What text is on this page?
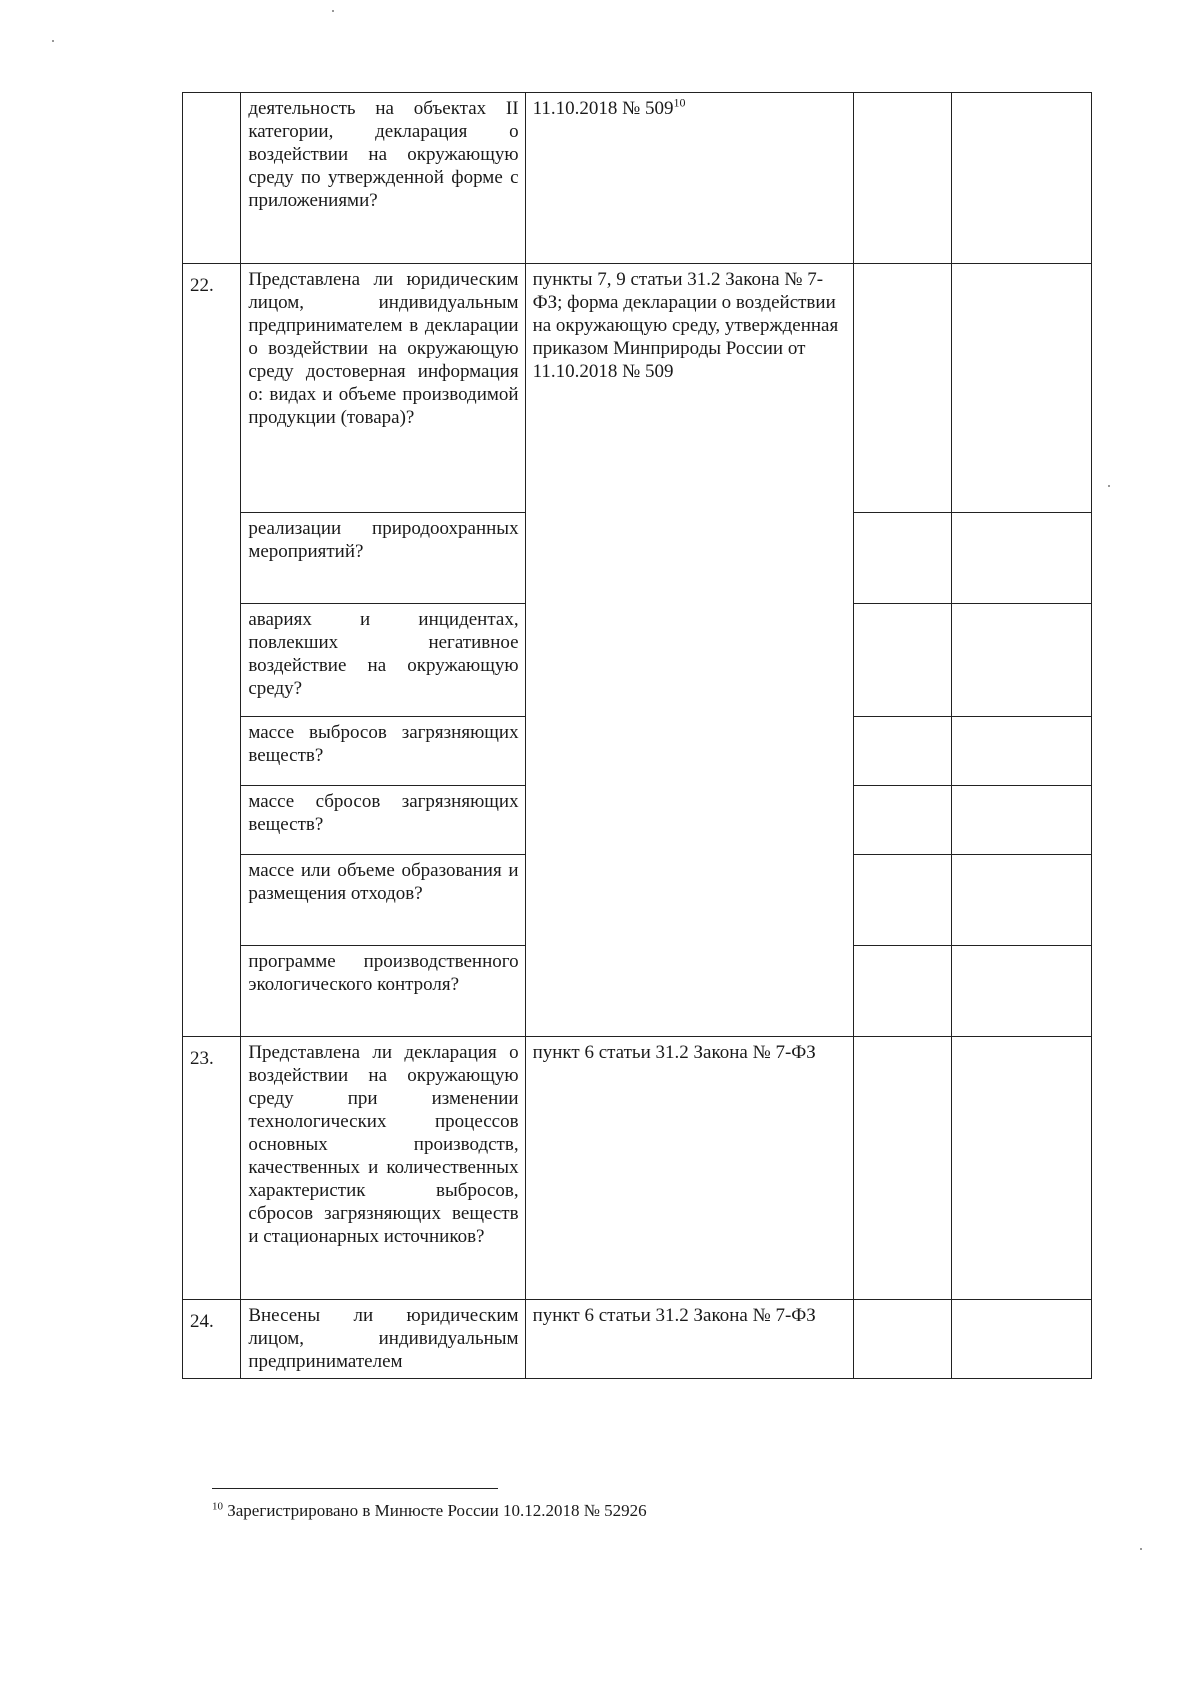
	деятельность на объектах II категории, декларация о воздействии на окружающую среду по утвержденной форме с приложениями?	11.10.2018 № $509^{10}$		
22.	Представлена ли юридическим лицом, индивидуальным предпринимателем в декларации о воздействии на окружающую среду достоверная информация о: видах и объеме производимой продукции (товара)?	пункты 7, 9 статьи 31.2 Закона № 7-ФЗ; форма декларации о воздействии на окружающую среду, утвержденная приказом Минприроды России от 11.10.2018 № 509		
	реализации природоохранных мероприятий?			
	авариях и инцидентах, повлекших негативное воздействие на окружающую среду?			
	массе выбросов загрязняющих веществ?			
	массе сбросов загрязняющих веществ?			
	массе или объеме образования и размещения отходов?			
	программе производственного экологического контроля?			
23.	Представлена ли декларация о воздействии на окружающую среду при изменении технологических процессов основных производств, качественных и количественных характеристик выбросов, сбросов загрязняющих веществ и стационарных источников?	пункт 6 статьи 31.2 Закона № 7-ФЗ		
24.	Внесены ли юридическим лицом, индивидуальным предпринимателем	пункт 6 статьи 31.2 Закона № 7-ФЗ		
$^{10}$ Зарегистрировано в Минюсте России 10.12.2018 № 52926
